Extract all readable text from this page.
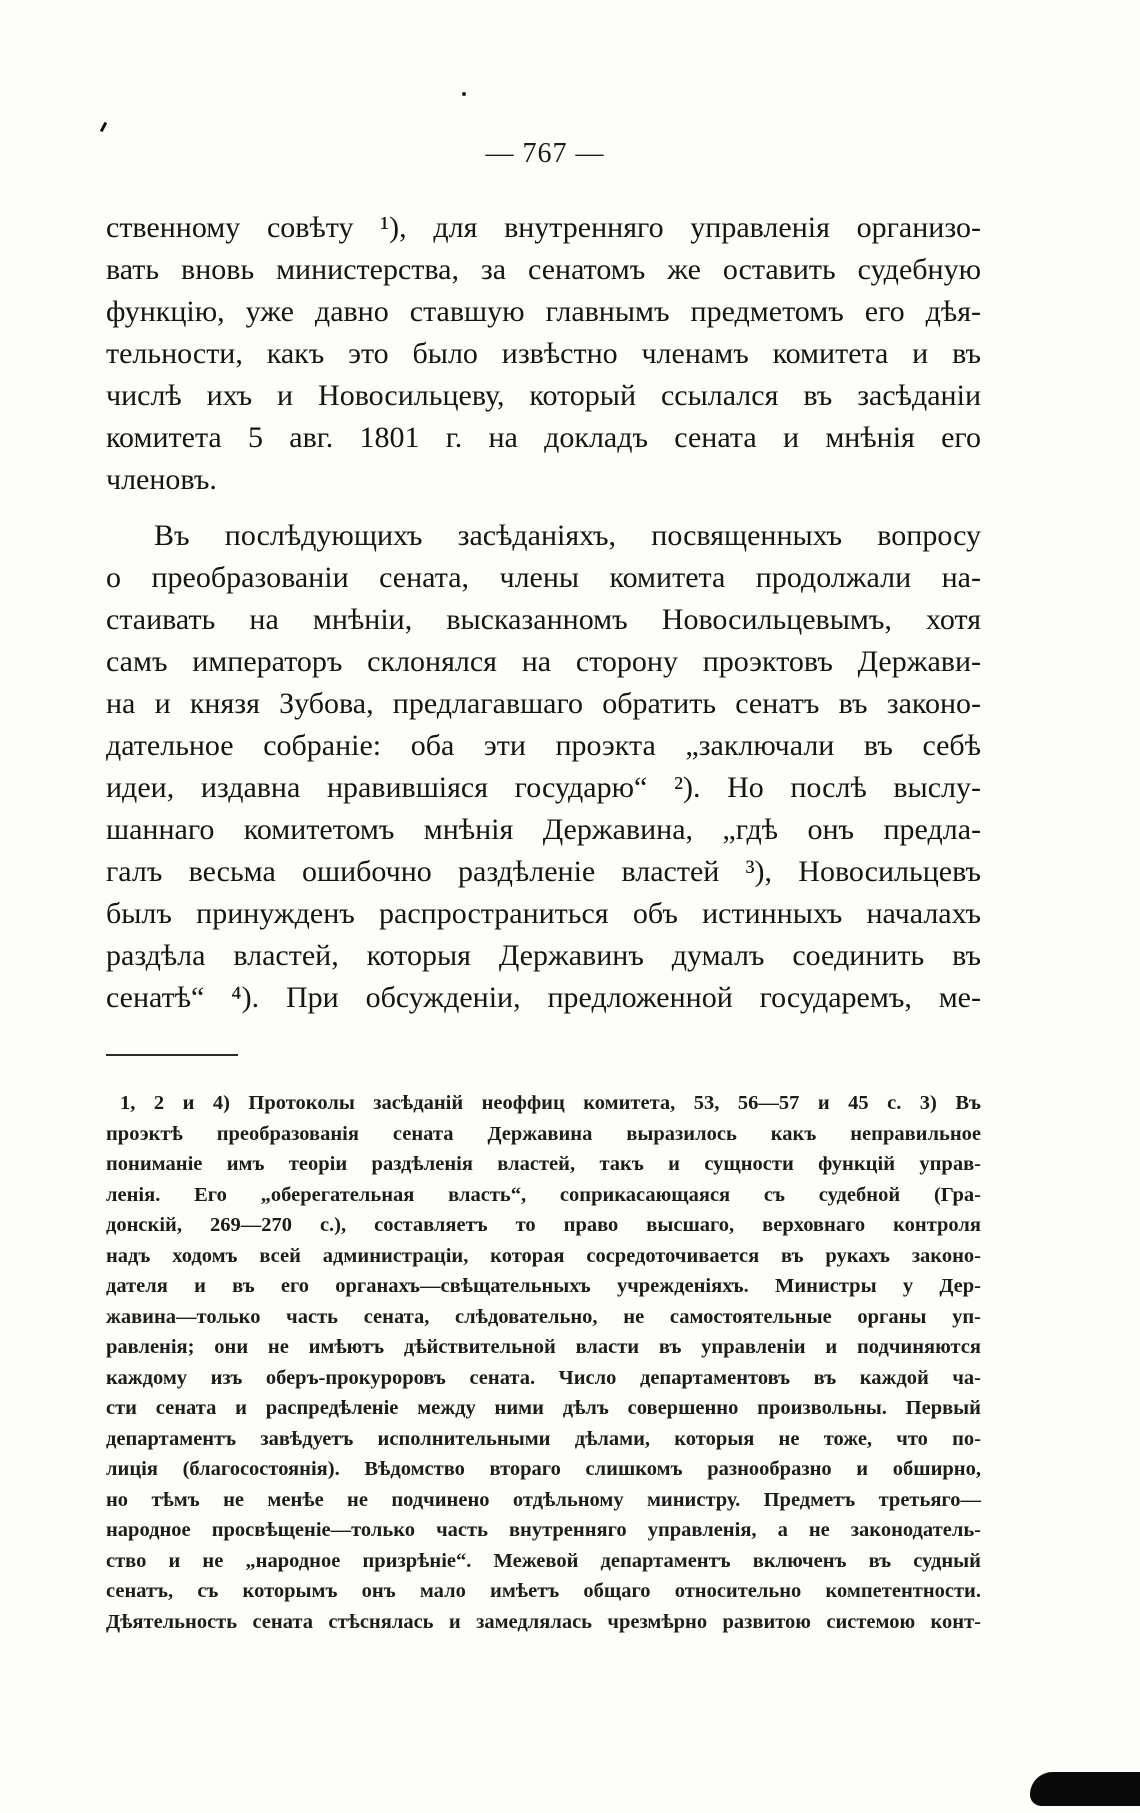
— 767 —
ственному совѣту ¹), для внутренняго управленія организо-
вать вновь министерства, за сенатомъ же оставить судебную
функцію, уже давно ставшую главнымъ предметомъ его дѣя-
тельности, какъ это было извѣстно членамъ комитета и въ
числѣ ихъ и Новосильцеву, который ссылался въ засѣданіи
комитета 5 авг. 1801 г. на докладъ сената и мнѣнія его
членовъ.
Въ послѣдующихъ засѣданіяхъ, посвященныхъ вопросу
о преобразованіи сената, члены комитета продолжали на-
стаивать на мнѣніи, высказанномъ Новосильцевымъ, хотя
самъ императоръ склонялся на сторону проэктовъ Держави-
на и князя Зубова, предлагавшаго обратить сенатъ въ законо-
дательное собраніе: оба эти проэкта „заключали въ себѣ
идеи, издавна нравившіяся государю“ ²). Но послѣ выслу-
шаннаго комитетомъ мнѣнія Державина, „гдѣ онъ предла-
галъ весьма ошибочно раздѣленіе властей ³), Новосильцевъ
былъ принужденъ распространиться объ истинныхъ началахъ
раздѣла властей, которыя Державинъ думалъ соединить въ
сенатѣ“ ⁴). При обсужденіи, предложенной государемъ, ме-
1, 2 и 4) Протоколы засѣданій неоффиц комитета, 53, 56—57 и 45 с. 3) Въ
проэктѣ преобразованія сената Державина выразилось какъ неправильное
пониманіе имъ теоріи раздѣленія властей, такъ и сущности функцій управ-
ленія. Его „оберегательная власть“, соприкасающаяся съ судебной (Гра-
донскій, 269—270 с.), составляетъ то право высшаго, верховнаго контроля
надъ ходомъ всей администраціи, которая сосредоточивается въ рукахъ законо-
дателя и въ его органахъ—свѣщательныхъ учрежденіяхъ. Министры у Дер-
жавина—только часть сената, слѣдовательно, не самостоятельные органы уп-
равленія; они не имѣютъ дѣйствительной власти въ управленіи и подчиняются
каждому изъ оберъ-прокуроровъ сената. Число департаментовъ въ каждой ча-
сти сената и распредѣленіе между ними дѣлъ совершенно произвольны. Первый
департаментъ завѣдуетъ исполнительными дѣлами, которыя не тоже, что по-
лиція (благосостоянія). Вѣдомство втораго слишкомъ разнообразно и обширно,
но тѣмъ не менѣе не подчинено отдѣльному министру. Предметъ третьяго—
народное просвѣщеніе—только часть внутренняго управленія, а не законодатель-
ство и не „народное призрѣніе“. Межевой департаментъ включенъ въ судный
сенатъ, съ которымъ онъ мало имѣетъ общаго относительно компетентности.
Дѣятельность сената стѣснялась и замедлялась чрезмѣрно развитою системою конт-
